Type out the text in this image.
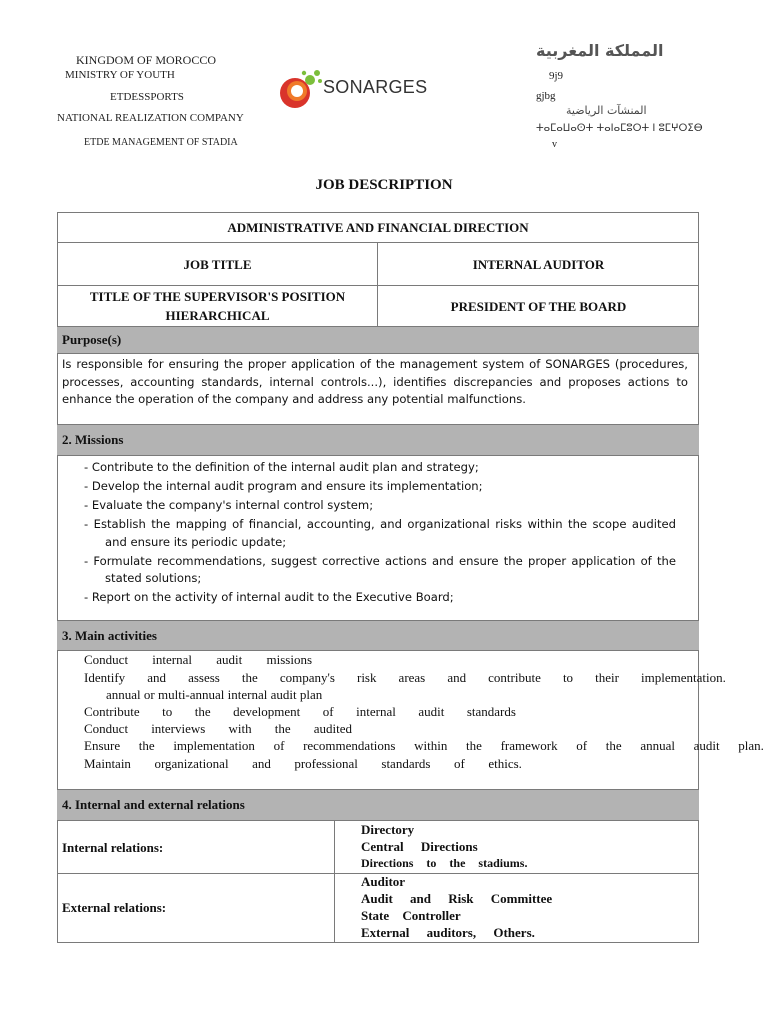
KINGDOM OF MOROCCO
MINISTRY OF YOUTH
ETDESSPORTS
NATIONAL REALIZATION COMPANY
ETDE MANAGEMENT OF STADIA
SONARGES
المملكة المغربية
9j9
gjbg
المنشآت الرياضية
ⵜⴰⵎⴰⵡⴰⵙⵜ ⵜⴰⵏⴰⵎⵓⵔⵜ ⵏ ⵓⵎⵖⵔⵉⴱ
v
JOB DESCRIPTION
ADMINISTRATIVE AND FINANCIAL DIRECTION
JOB TITLE	INTERNAL AUDITOR
TITLE OF THE SUPERVISOR'S POSITION
HIERARCHICAL
PRESIDENT OF THE BOARD
Purpose(s)
Is responsible for ensuring the proper application of the management system of SONARGES (procedures, processes, accounting standards, internal controls...), identifies discrepancies and proposes actions to enhance the operation of the company and address any potential malfunctions.
2. Missions
- Contribute to the definition of the internal audit plan and strategy;
- Develop the internal audit program and ensure its implementation;
- Evaluate the company's internal control system;
- Establish the mapping of financial, accounting, and organizational risks within the scope audited and ensure its periodic update;
- Formulate recommendations, suggest corrective actions and ensure the proper application of the stated solutions;
- Report on the activity of internal audit to the Executive Board;
3. Main activities
Conduct internal audit missions
Identify and assess the company's risk areas and contribute to their implementation.
annual or multi-annual internal audit plan
Contribute to the development of internal audit standards
Conduct interviews with the audited
Ensure the implementation of recommendations within the framework of the annual audit plan.
Maintain organizational and professional standards of ethics.
4. Internal and external relations
Internal relations:
Directory
Central Directions
Directions to the stadiums.
External relations:
Auditor
Audit and Risk Committee
State Controller
External auditors, Others.
